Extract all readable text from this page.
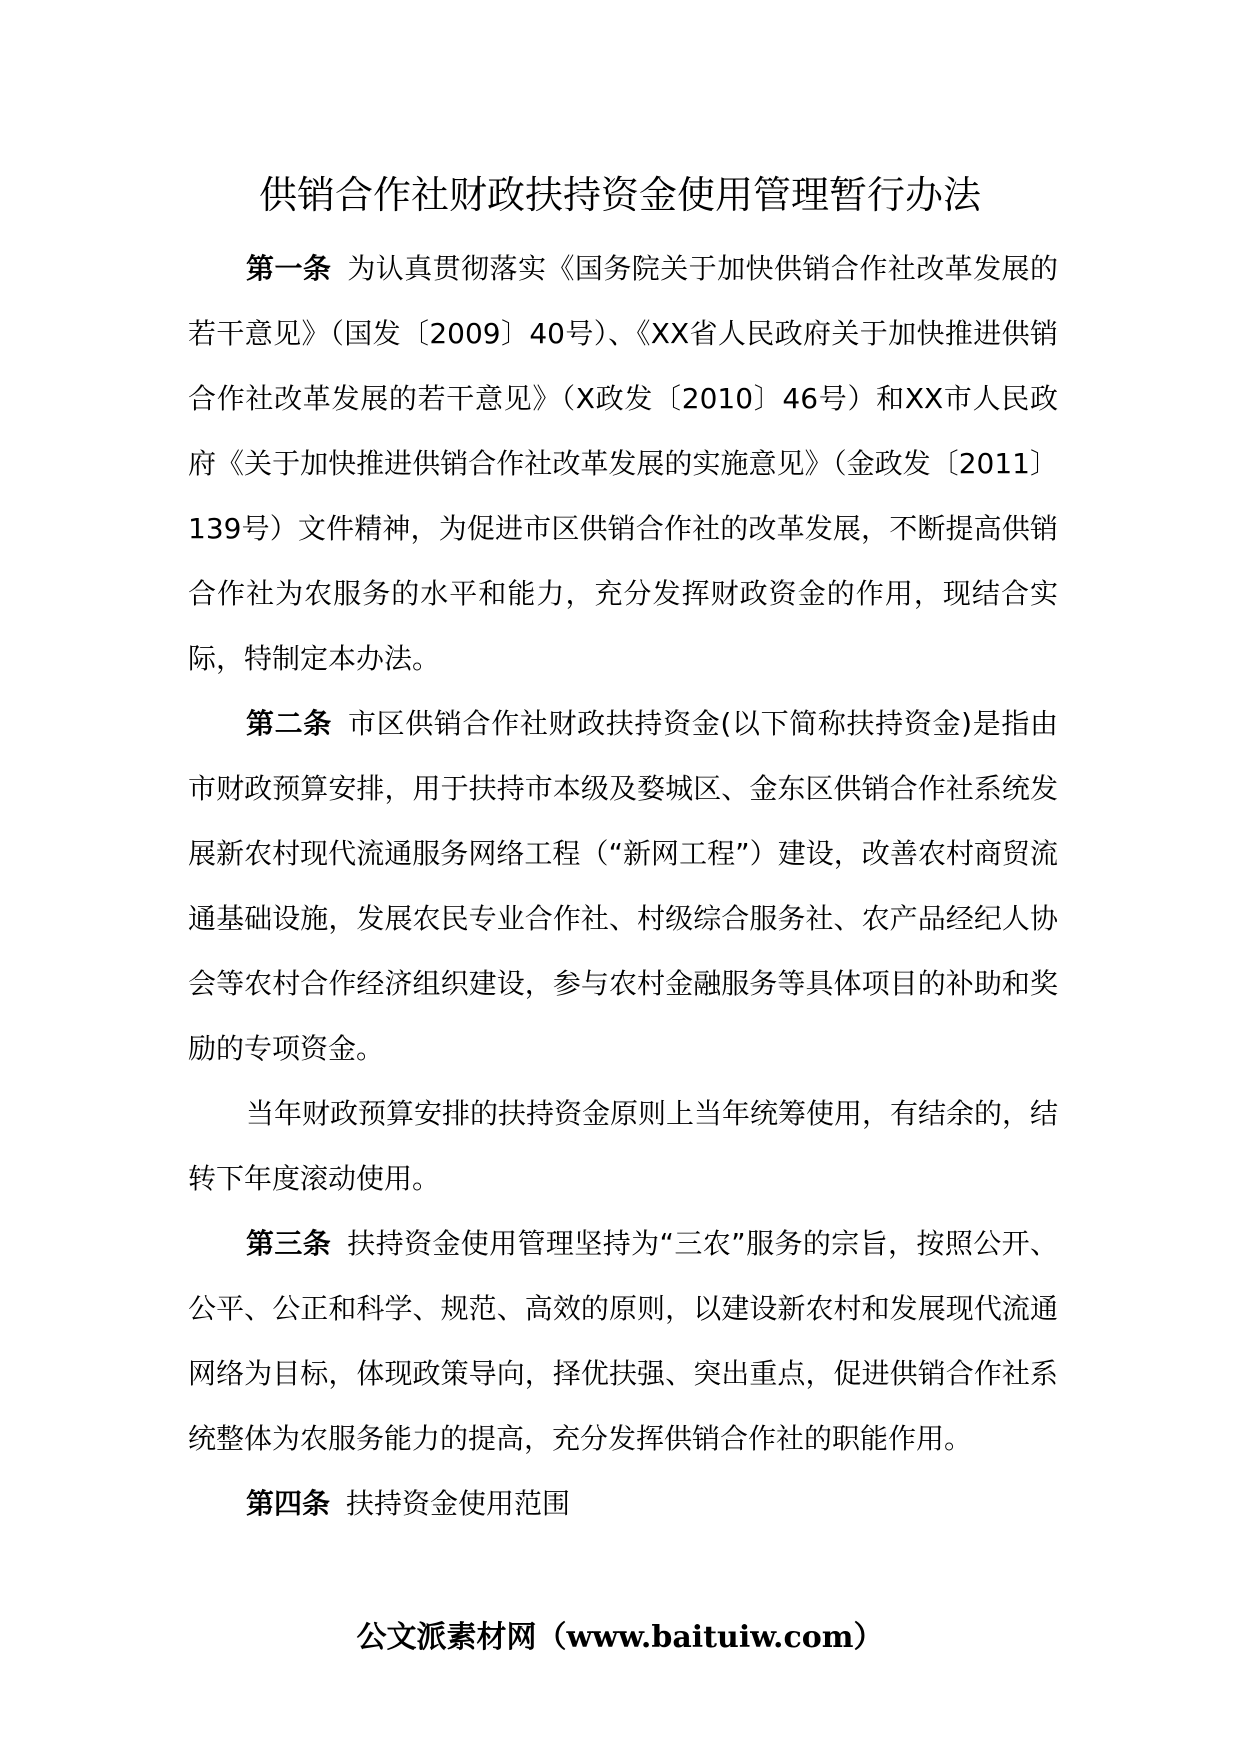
供销合作社财政扶持资金使用管理暂行办法

第一条 为认真贯彻落实《国务院关于加快供销合作社改革发展的若干意见》（国发〔2009〕40号）、《XX省人民政府关于加快推进供销合作社改革发展的若干意见》（X政发〔2010〕46号）和XX市人民政府《关于加快推进供销合作社改革发展的实施意见》（金政发〔2011〕139号）文件精神，为促进市区供销合作社的改革发展，不断提高供销合作社为农服务的水平和能力，充分发挥财政资金的作用，现结合实际，特制定本办法。

第二条 市区供销合作社财政扶持资金(以下简称扶持资金)是指由市财政预算安排，用于扶持市本级及婺城区、金东区供销合作社系统发展新农村现代流通服务网络工程（“新网工程”）建设，改善农村商贸流通基础设施，发展农民专业合作社、村级综合服务社、农产品经纪人协会等农村合作经济组织建设，参与农村金融服务等具体项目的补助和奖励的专项资金。

当年财政预算安排的扶持资金原则上当年统筹使用，有结余的，结转下年度滚动使用。

第三条 扶持资金使用管理坚持为“三农”服务的宗旨，按照公开、公平、公正和科学、规范、高效的原则，以建设新农村和发展现代流通网络为目标，体现政策导向，择优扶强、突出重点，促进供销合作社系统整体为农服务能力的提高，充分发挥供销合作社的职能作用。

第四条 扶持资金使用范围

公文派素材网（www.baituiw.com）
